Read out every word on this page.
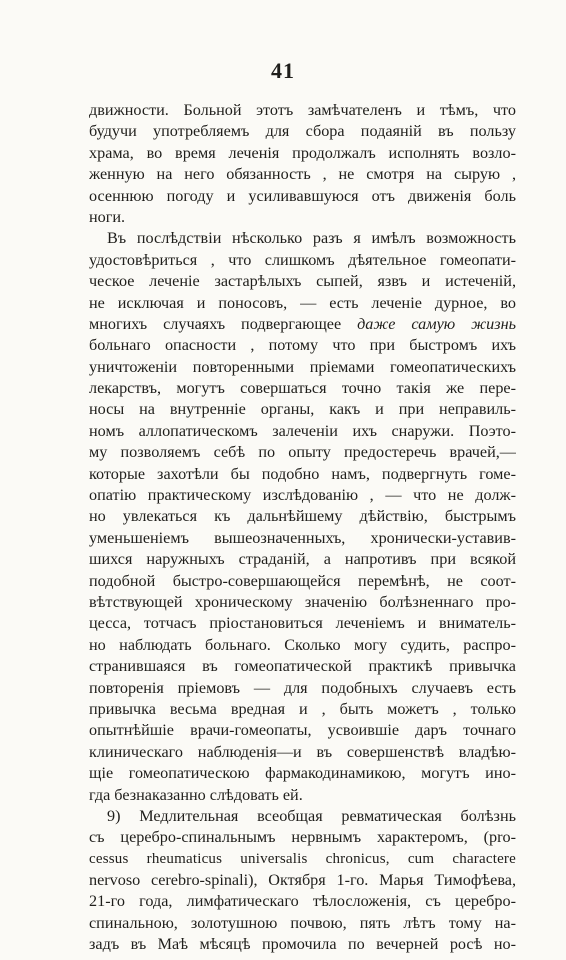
41
движности. Больной этотъ замѣчателенъ и тѣмъ, что
будучи употребляемъ для сбора подаяній въ пользу
храма, во время леченія продолжалъ исполнять возло-
женную на него обязанность , не смотря на сырую ,
осеннюю погоду и усиливавшуюся отъ движенія боль
ноги.
Въ послѣдствіи нѣсколько разъ я имѣлъ возможность
удостовѣриться , что слишкомъ дѣятельное гомеопати-
ческое леченіе застарѣлыхъ сыпей, язвъ и истеченій,
не исключая и поносовъ, — есть леченіе дурное, во
многихъ случаяхъ подвергающее даже самую жизнь
больнаго опасности , потому что при быстромъ ихъ
уничтоженіи повторенными пріемами гомеопатическихъ
лекарствъ, могутъ совершаться точно такія же пере-
носы на внутренніе органы, какъ и при неправиль-
номъ аллопатическомъ залеченіи ихъ снаружи. Поэто-
му позволяемъ себѣ по опыту предостеречь врачей,—
которые захотѣли бы подобно намъ, подвергнуть гоме-
опатію практическому изслѣдованію , — что не долж-
но увлекаться къ дальнѣйшему дѣйствію, быстрымъ
уменьшеніемъ вышеозначенныхъ, хронически-уставив-
шихся наружныхъ страданій, а напротивъ при всякой
подобной быстро-совершающейся перемѣнѣ, не соот-
вѣтствующей хроническому значенію болѣзненнаго про-
цесса, тотчасъ пріостановиться леченіемъ и вниматель-
но наблюдать больнаго. Сколько могу судить, распро-
странившаяся въ гомеопатической практикѣ привычка
повторенія пріемовъ — для подобныхъ случаевъ есть
привычка весьма вредная и , быть можетъ , только
опытнѣйшіе врачи-гомеопаты, усвоившіе даръ точнаго
клиническаго наблюденія—и въ совершенствѣ владѣю-
щіе гомеопатическою фармакодинамикою, могутъ ино-
гда безнаказанно слѣдовать ей.
9) Медлительная всеобщая ревматическая болѣзнь
съ церебро-спинальнымъ нервнымъ характеромъ, (pro-
cessus rheumaticus universalis chronicus, cum charactere
nervoso cerebro-spinali), Октября 1-го. Марья Тимофѣева,
21-го года, лимфатическаго тѣлосложенія, съ церебро-
спинальною, золотушною почвою, пять лѣтъ тому на-
задъ въ Маѣ мѣсяцѣ промочила по вечерней росѣ но-
